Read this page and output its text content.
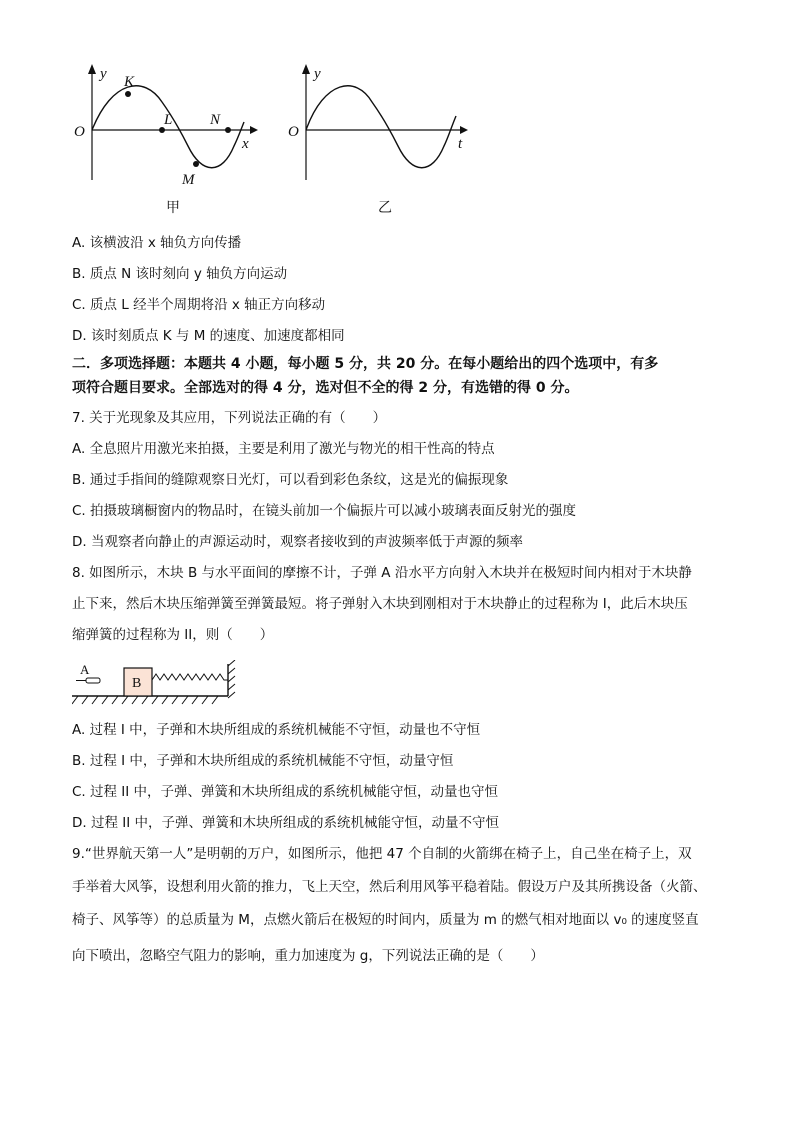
O
y
x
K
L
M
N
甲
O
y
t
乙
A. 该横波沿 x 轴负方向传播
B. 质点 N 该时刻向 y 轴负方向运动
C. 质点 L 经半个周期将沿 x 轴正方向移动
D. 该时刻质点 K 与 M 的速度、加速度都相同
二．多项选择题：本题共 4 小题，每小题 5 分，共 20 分。在每小题给出的四个选项中，有多
项符合题目要求。全部选对的得 4 分，选对但不全的得 2 分，有选错的得 0 分。
7. 关于光现象及其应用，下列说法正确的有（　　）
A. 全息照片用激光来拍摄，主要是利用了激光与物光的相干性高的特点
B. 通过手指间的缝隙观察日光灯，可以看到彩色条纹，这是光的偏振现象
C. 拍摄玻璃橱窗内的物品时，在镜头前加一个偏振片可以减小玻璃表面反射光的强度
D. 当观察者向静止的声源运动时，观察者接收到的声波频率低于声源的频率
8. 如图所示，木块 B 与水平面间的摩擦不计，子弹 A 沿水平方向射入木块并在极短时间内相对于木块静
止下来，然后木块压缩弹簧至弹簧最短。将子弹射入木块到刚相对于木块静止的过程称为 I，此后木块压
缩弹簧的过程称为 II，则（　　）
B
A
A. 过程 I 中，子弹和木块所组成的系统机械能不守恒，动量也不守恒
B. 过程 I 中，子弹和木块所组成的系统机械能不守恒，动量守恒
C. 过程 II 中，子弹、弹簧和木块所组成的系统机械能守恒，动量也守恒
D. 过程 II 中，子弹、弹簧和木块所组成的系统机械能守恒，动量不守恒
9.“世界航天第一人”是明朝的万户，如图所示，他把 47 个自制的火箭绑在椅子上，自己坐在椅子上，双
手举着大风筝，设想利用火箭的推力，飞上天空，然后利用风筝平稳着陆。假设万户及其所携设备（火箭、
椅子、风筝等）的总质量为 M，点燃火箭后在极短的时间内，质量为 m 的燃气相对地面以 v₀ 的速度竖直
向下喷出，忽略空气阻力的影响，重力加速度为 g，下列说法正确的是（　　）
